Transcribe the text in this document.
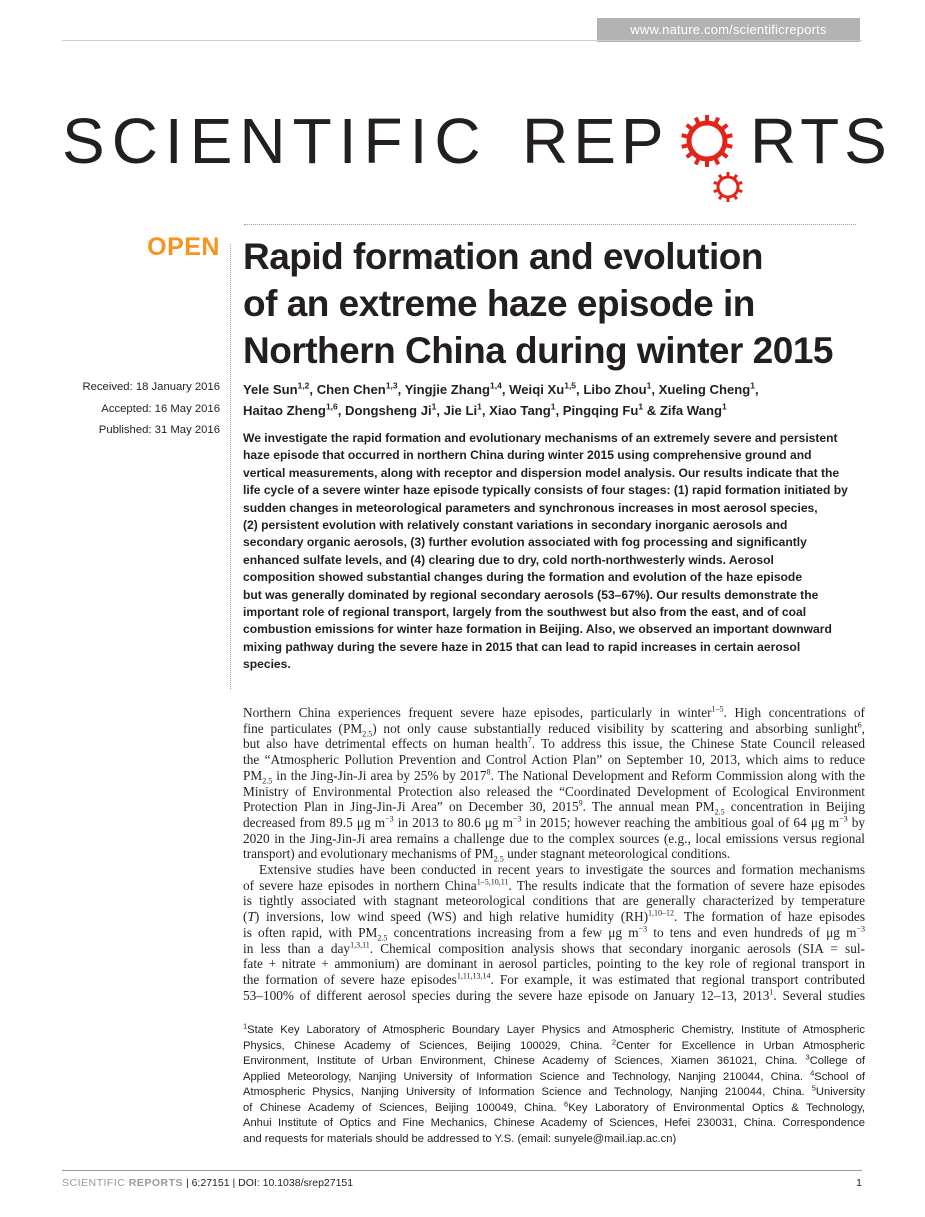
www.nature.com/scientificreports
SCIENTIFIC REP RTS
OPEN Rapid formation and evolution
of an extreme haze episode in
Northern China during winter 2015
Received: 18 January 2016
Accepted: 16 May 2016
Published: 31 May 2016
Yele Sun$^{1,2}$, Chen Chen$^{1,3}$, Yingjie Zhang$^{1,4}$, Weiqi Xu$^{1,5}$, Libo Zhou$^1$, Xueling Cheng$^1$,
Haitao Zheng$^{1,6}$, Dongsheng Ji$^1$, Jie Li$^1$, Xiao Tang$^1$, Pingqing Fu$^1$ & Zifa Wang$^1$
We investigate the rapid formation and evolutionary mechanisms of an extremely severe and persistent
haze episode that occurred in northern China during winter 2015 using comprehensive ground and
vertical measurements, along with receptor and dispersion model analysis. Our results indicate that the
life cycle of a severe winter haze episode typically consists of four stages: (1) rapid formation initiated by
sudden changes in meteorological parameters and synchronous increases in most aerosol species,
(2) persistent evolution with relatively constant variations in secondary inorganic aerosols and
secondary organic aerosols, (3) further evolution associated with fog processing and significantly
enhanced sulfate levels, and (4) clearing due to dry, cold north-northwesterly winds. Aerosol
composition showed substantial changes during the formation and evolution of the haze episode
but was generally dominated by regional secondary aerosols (53–67%). Our results demonstrate the
important role of regional transport, largely from the southwest but also from the east, and of coal
combustion emissions for winter haze formation in Beijing. Also, we observed an important downward
mixing pathway during the severe haze in 2015 that can lead to rapid increases in certain aerosol
species.
Northern China experiences frequent severe haze episodes, particularly in winter$^{1-5}$. High concentrations of
fine particulates $(PM_{2.5})$ not only cause substantially reduced visibility by scattering and absorbing sunlight$^6$,
but also have detrimental effects on human health$^7$. To address this issue, the Chinese State Council released
the “Atmospheric Pollution Prevention and Control Action Plan” on September 10, 2013, which aims to reduce
$PM_{2.5}$ in the Jing-Jin-Ji area by 25% by 2017$^8$. The National Development and Reform Commission along with the
Ministry of Environmental Protection also released the “Coordinated Development of Ecological Environment
Protection Plan in Jing-Jin-Ji Area” on December 30, 2015$^9$. The annual mean $PM_{2.5}$ concentration in Beijing
decreased from 89.5 μg $m^{-3}$ in 2013 to 80.6 μg $m^{-3}$ in 2015; however reaching the ambitious goal of 64 μg $m^{-3}$ by
2020 in the Jing-Jin-Ji area remains a challenge due to the complex sources (e.g., local emissions versus regional
transport) and evolutionary mechanisms of $PM_{2.5}$ under stagnant meteorological conditions.
Extensive studies have been conducted in recent years to investigate the sources and formation mechanisms
of severe haze episodes in northern China$^{1-5,10,11}$. The results indicate that the formation of severe haze episodes
is tightly associated with stagnant meteorological conditions that are generally characterized by temperature
(T) inversions, low wind speed (WS) and high relative humidity (RH)$^{1,10-12}$. The formation of haze episodes
is often rapid, with $PM_{2.5}$ concentrations increasing from a few μg $m^{-3}$ to tens and even hundreds of μg $m^{-3}$
in less than a day$^{1,3,11}$. Chemical composition analysis shows that secondary inorganic aerosols (SIA = sul-
fate + nitrate + ammonium) are dominant in aerosol particles, pointing to the key role of regional transport in
the formation of severe haze episodes$^{1,11,13,14}$. For example, it was estimated that regional transport contributed
53–100% of different aerosol species during the severe haze episode on January 12–13, 2013$^1$. Several studies
$^1$State Key Laboratory of Atmospheric Boundary Layer Physics and Atmospheric Chemistry, Institute of Atmospheric
Physics, Chinese Academy of Sciences, Beijing 100029, China. $^2$Center for Excellence in Urban Atmospheric
Environment, Institute of Urban Environment, Chinese Academy of Sciences, Xiamen 361021, China. $^3$College of
Applied Meteorology, Nanjing University of Information Science and Technology, Nanjing 210044, China. $^4$School of
Atmospheric Physics, Nanjing University of Information Science and Technology, Nanjing 210044, China. $^5$University
of Chinese Academy of Sciences, Beijing 100049, China. $^6$Key Laboratory of Environmental Optics & Technology,
Anhui Institute of Optics and Fine Mechanics, Chinese Academy of Sciences, Hefei 230031, China. Correspondence
and requests for materials should be addressed to Y.S. (email: sunyele@mail.iap.ac.cn)
SCIENTIFIC REPORTS | 6:27151 | DOI: 10.1038/srep27151	1
